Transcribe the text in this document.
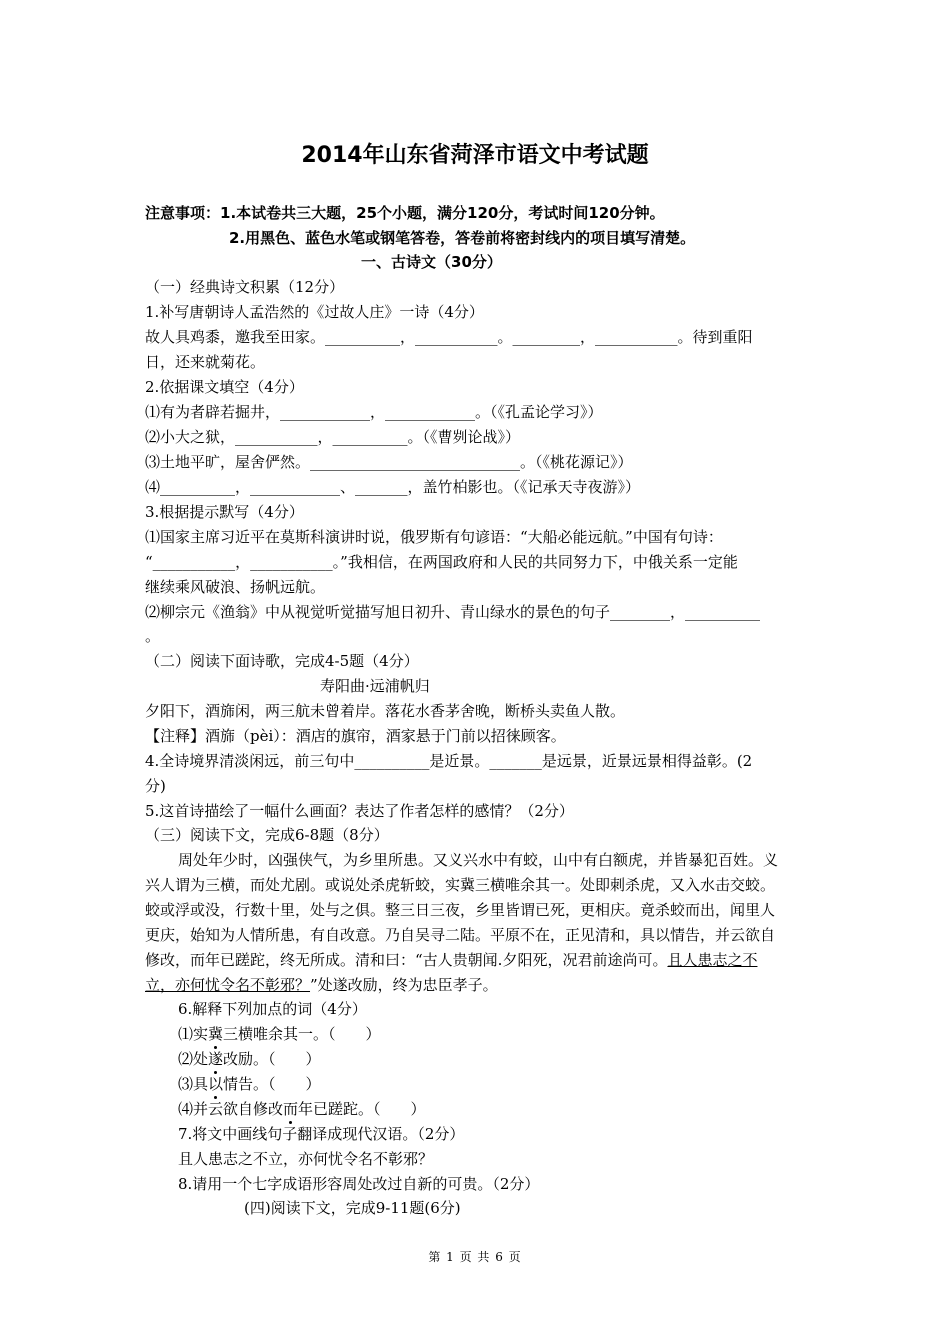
2014年山东省菏泽市语文中考试题
注意事项：1.本试卷共三大题，25个小题，满分120分，考试时间120分钟。
2.用黑色、蓝色水笔或钢笔答卷，答卷前将密封线内的项目填写清楚。
一、古诗文（30分）
（一）经典诗文积累（12分）
1.补写唐朝诗人孟浩然的《过故人庄》一诗（4分）
故人具鸡黍，邀我至田家。__________，___________。_________，___________。待到重阳
日，还来就菊花。
2.依据课文填空（4分）
⑴有为者辟若掘井，____________，____________。（《孔孟论学习》）
⑵小大之狱，___________，__________。（《曹刿论战》）
⑶土地平旷，屋舍俨然。____________________________。（《桃花源记》）
⑷__________，____________、_______，盖竹柏影也。（《记承天寺夜游》）
3.根据提示默写（4分）
⑴国家主席习近平在莫斯科演讲时说，俄罗斯有句谚语：“大船必能远航。”中国有句诗：
“___________，___________。”我相信，在两国政府和人民的共同努力下，中俄关系一定能
继续乘风破浪、扬帆远航。
⑵柳宗元《渔翁》中从视觉听觉描写旭日初升、青山绿水的景色的句子________，__________
。
（二）阅读下面诗歌，完成4-5题（4分）
寿阳曲·远浦帆归
夕阳下，酒旆闲，两三航未曾着岸。落花水香茅舍晚，断桥头卖鱼人散。
【注释】酒旆（pèi）：酒店的旗帘，酒家悬于门前以招徕顾客。
4.全诗境界清淡闲远，前三句中__________是近景。_______是远景，近景远景相得益彰。(2
分)
5.这首诗描绘了一幅什么画面？表达了作者怎样的感情？（2分）
（三）阅读下文，完成6-8题（8分）
周处年少时，凶强侠气，为乡里所患。又义兴水中有蛟，山中有白额虎，并皆暴犯百姓。义
兴人谓为三横，而处尤剧。或说处杀虎斩蛟，实冀三横唯余其一。处即刺杀虎，又入水击交蛟。
蛟或浮或没，行数十里，处与之俱。整三日三夜，乡里皆谓已死，更相庆。竟杀蛟而出，闻里人
更庆，始知为人情所患，有自改意。乃自吴寻二陆。平原不在，正见清和，具以情告，并云欲自
修改，而年已蹉跎，终无所成。清和曰：“古人贵朝闻.夕阳死，况君前途尚可。且人患志之不
立，亦何忧令名不彰邪？”处遂改励，终为忠臣孝子。
6.解释下列加点的词（4分）
⑴实冀三横唯余其一。（　　）
⑵处遂改励。（　　）
⑶具以情告。（　　）
⑷并云欲自修改而年已蹉跎。（　　）
7.将文中画线句子翻译成现代汉语。（2分）
且人患志之不立，亦何忧令名不彰邪？
8.请用一个七字成语形容周处改过自新的可贵。（2分）
(四)阅读下文，完成9-11题(6分)
第 1 页 共 6 页
